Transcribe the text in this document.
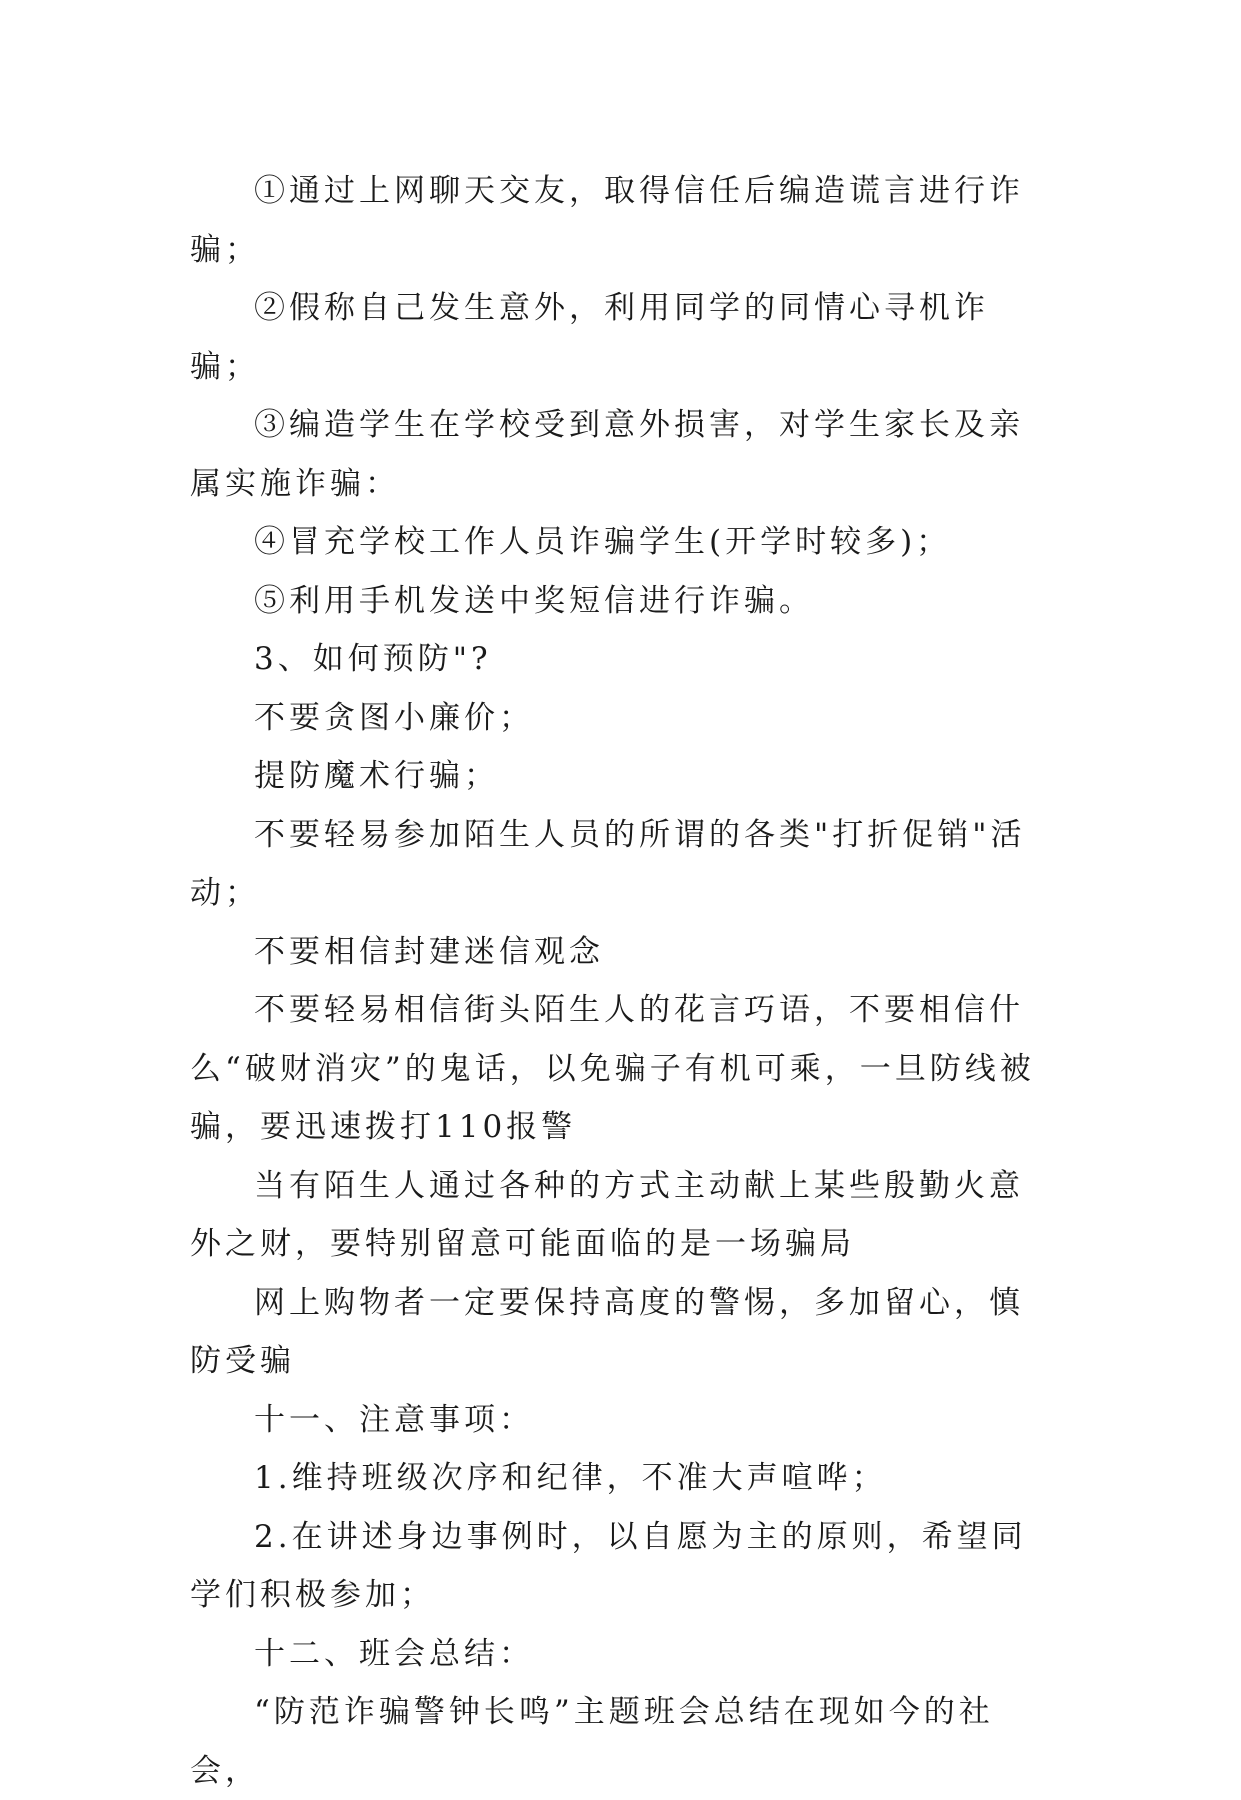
①通过上网聊天交友，取得信任后编造谎言进行诈骗；

②假称自己发生意外，利用同学的同情心寻机诈骗；

③编造学生在学校受到意外损害，对学生家长及亲属实施诈骗：

④冒充学校工作人员诈骗学生(开学时较多)；

⑤利用手机发送中奖短信进行诈骗。

3、如何预防"?

不要贪图小廉价；

提防魔术行骗；

不要轻易参加陌生人员的所谓的各类"打折促销"活动；

不要相信封建迷信观念

不要轻易相信街头陌生人的花言巧语，不要相信什么“破财消灾”的鬼话，以免骗子有机可乘，一旦防线被骗，要迅速拨打110报警

当有陌生人通过各种的方式主动献上某些殷勤火意外之财，要特别留意可能面临的是一场骗局

网上购物者一定要保持高度的警惕，多加留心，慎防受骗

十一、注意事项：

1.维持班级次序和纪律，不准大声喧哗；

2.在讲述身边事例时，以自愿为主的原则，希望同学们积极参加；

十二、班会总结：

“防范诈骗警钟长鸣”主题班会总结在现如今的社会，
